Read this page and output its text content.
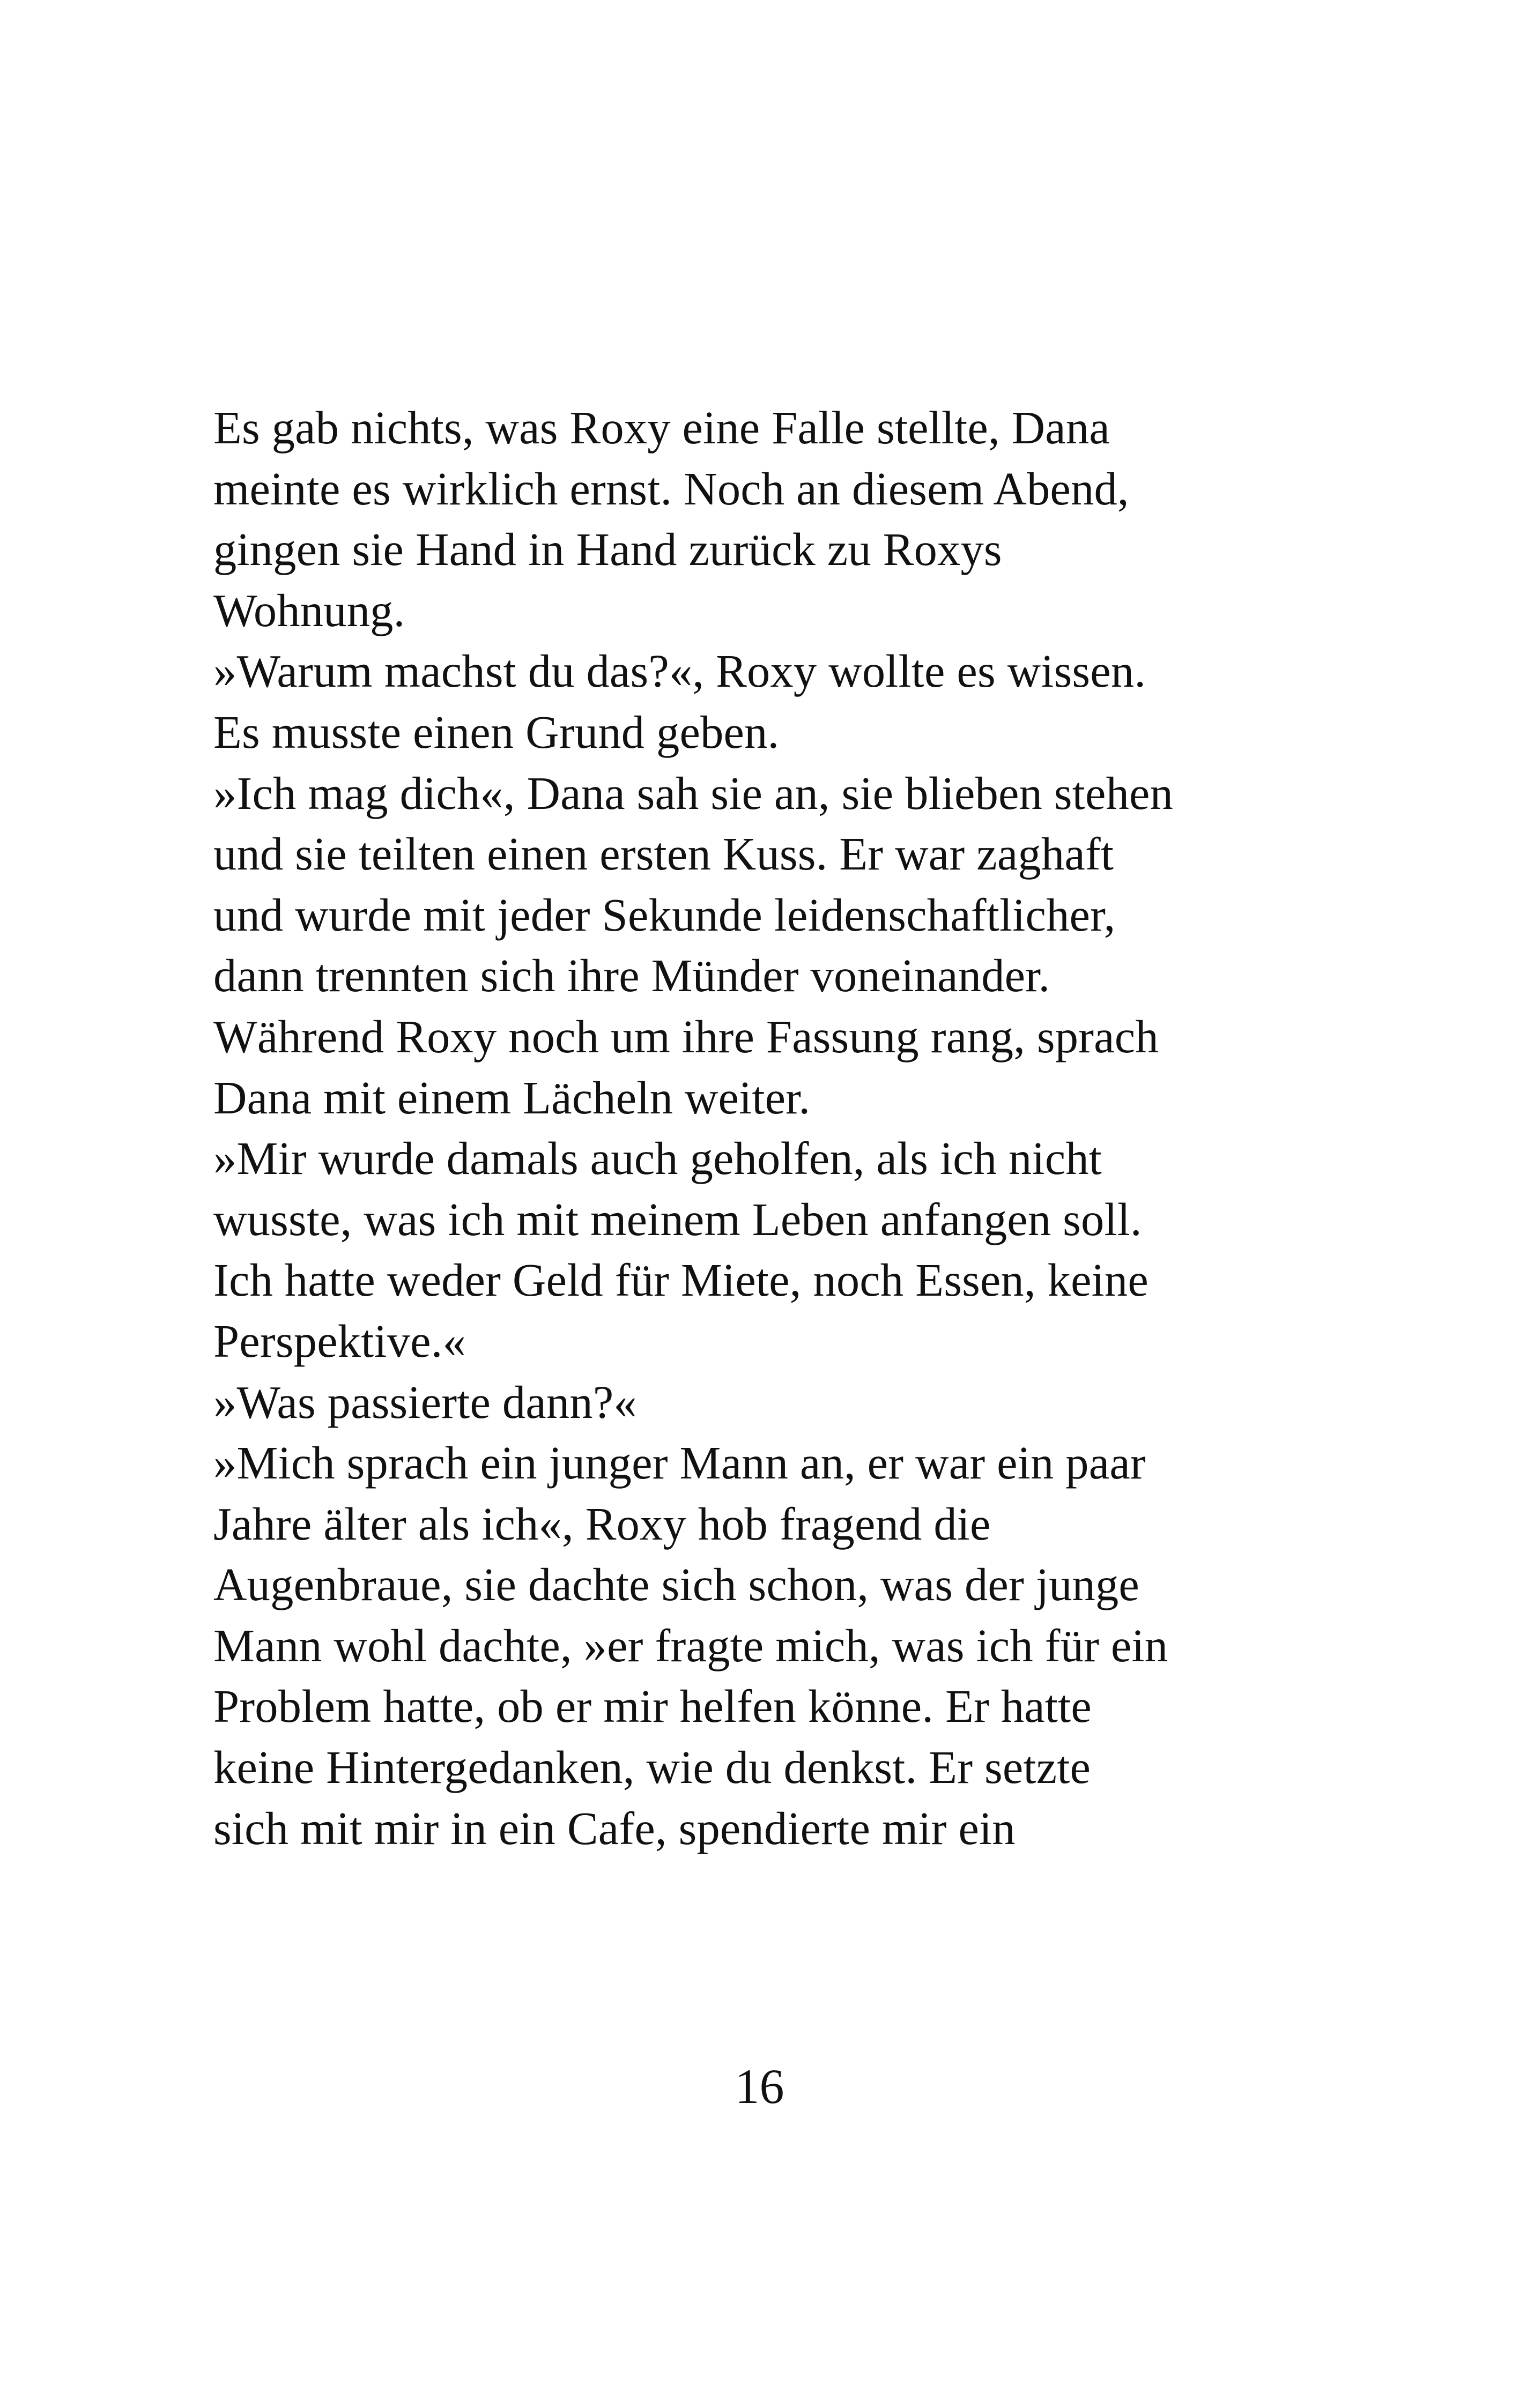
Es gab nichts, was Roxy eine Falle stellte, Dana
meinte es wirklich ernst. Noch an diesem Abend,
gingen sie Hand in Hand zurück zu Roxys
Wohnung.
»Warum machst du das?«, Roxy wollte es wissen.
Es musste einen Grund geben.
»Ich mag dich«, Dana sah sie an, sie blieben stehen
und sie teilten einen ersten Kuss. Er war zaghaft
und wurde mit jeder Sekunde leidenschaftlicher,
dann trennten sich ihre Münder voneinander.
Während Roxy noch um ihre Fassung rang, sprach
Dana mit einem Lächeln weiter.
»Mir wurde damals auch geholfen, als ich nicht
wusste, was ich mit meinem Leben anfangen soll.
Ich hatte weder Geld für Miete, noch Essen, keine
Perspektive.«
»Was passierte dann?«
»Mich sprach ein junger Mann an, er war ein paar
Jahre älter als ich«, Roxy hob fragend die
Augenbraue, sie dachte sich schon, was der junge
Mann wohl dachte, »er fragte mich, was ich für ein
Problem hatte, ob er mir helfen könne. Er hatte
keine Hintergedanken, wie du denkst. Er setzte
sich mit mir in ein Cafe, spendierte mir ein
16
